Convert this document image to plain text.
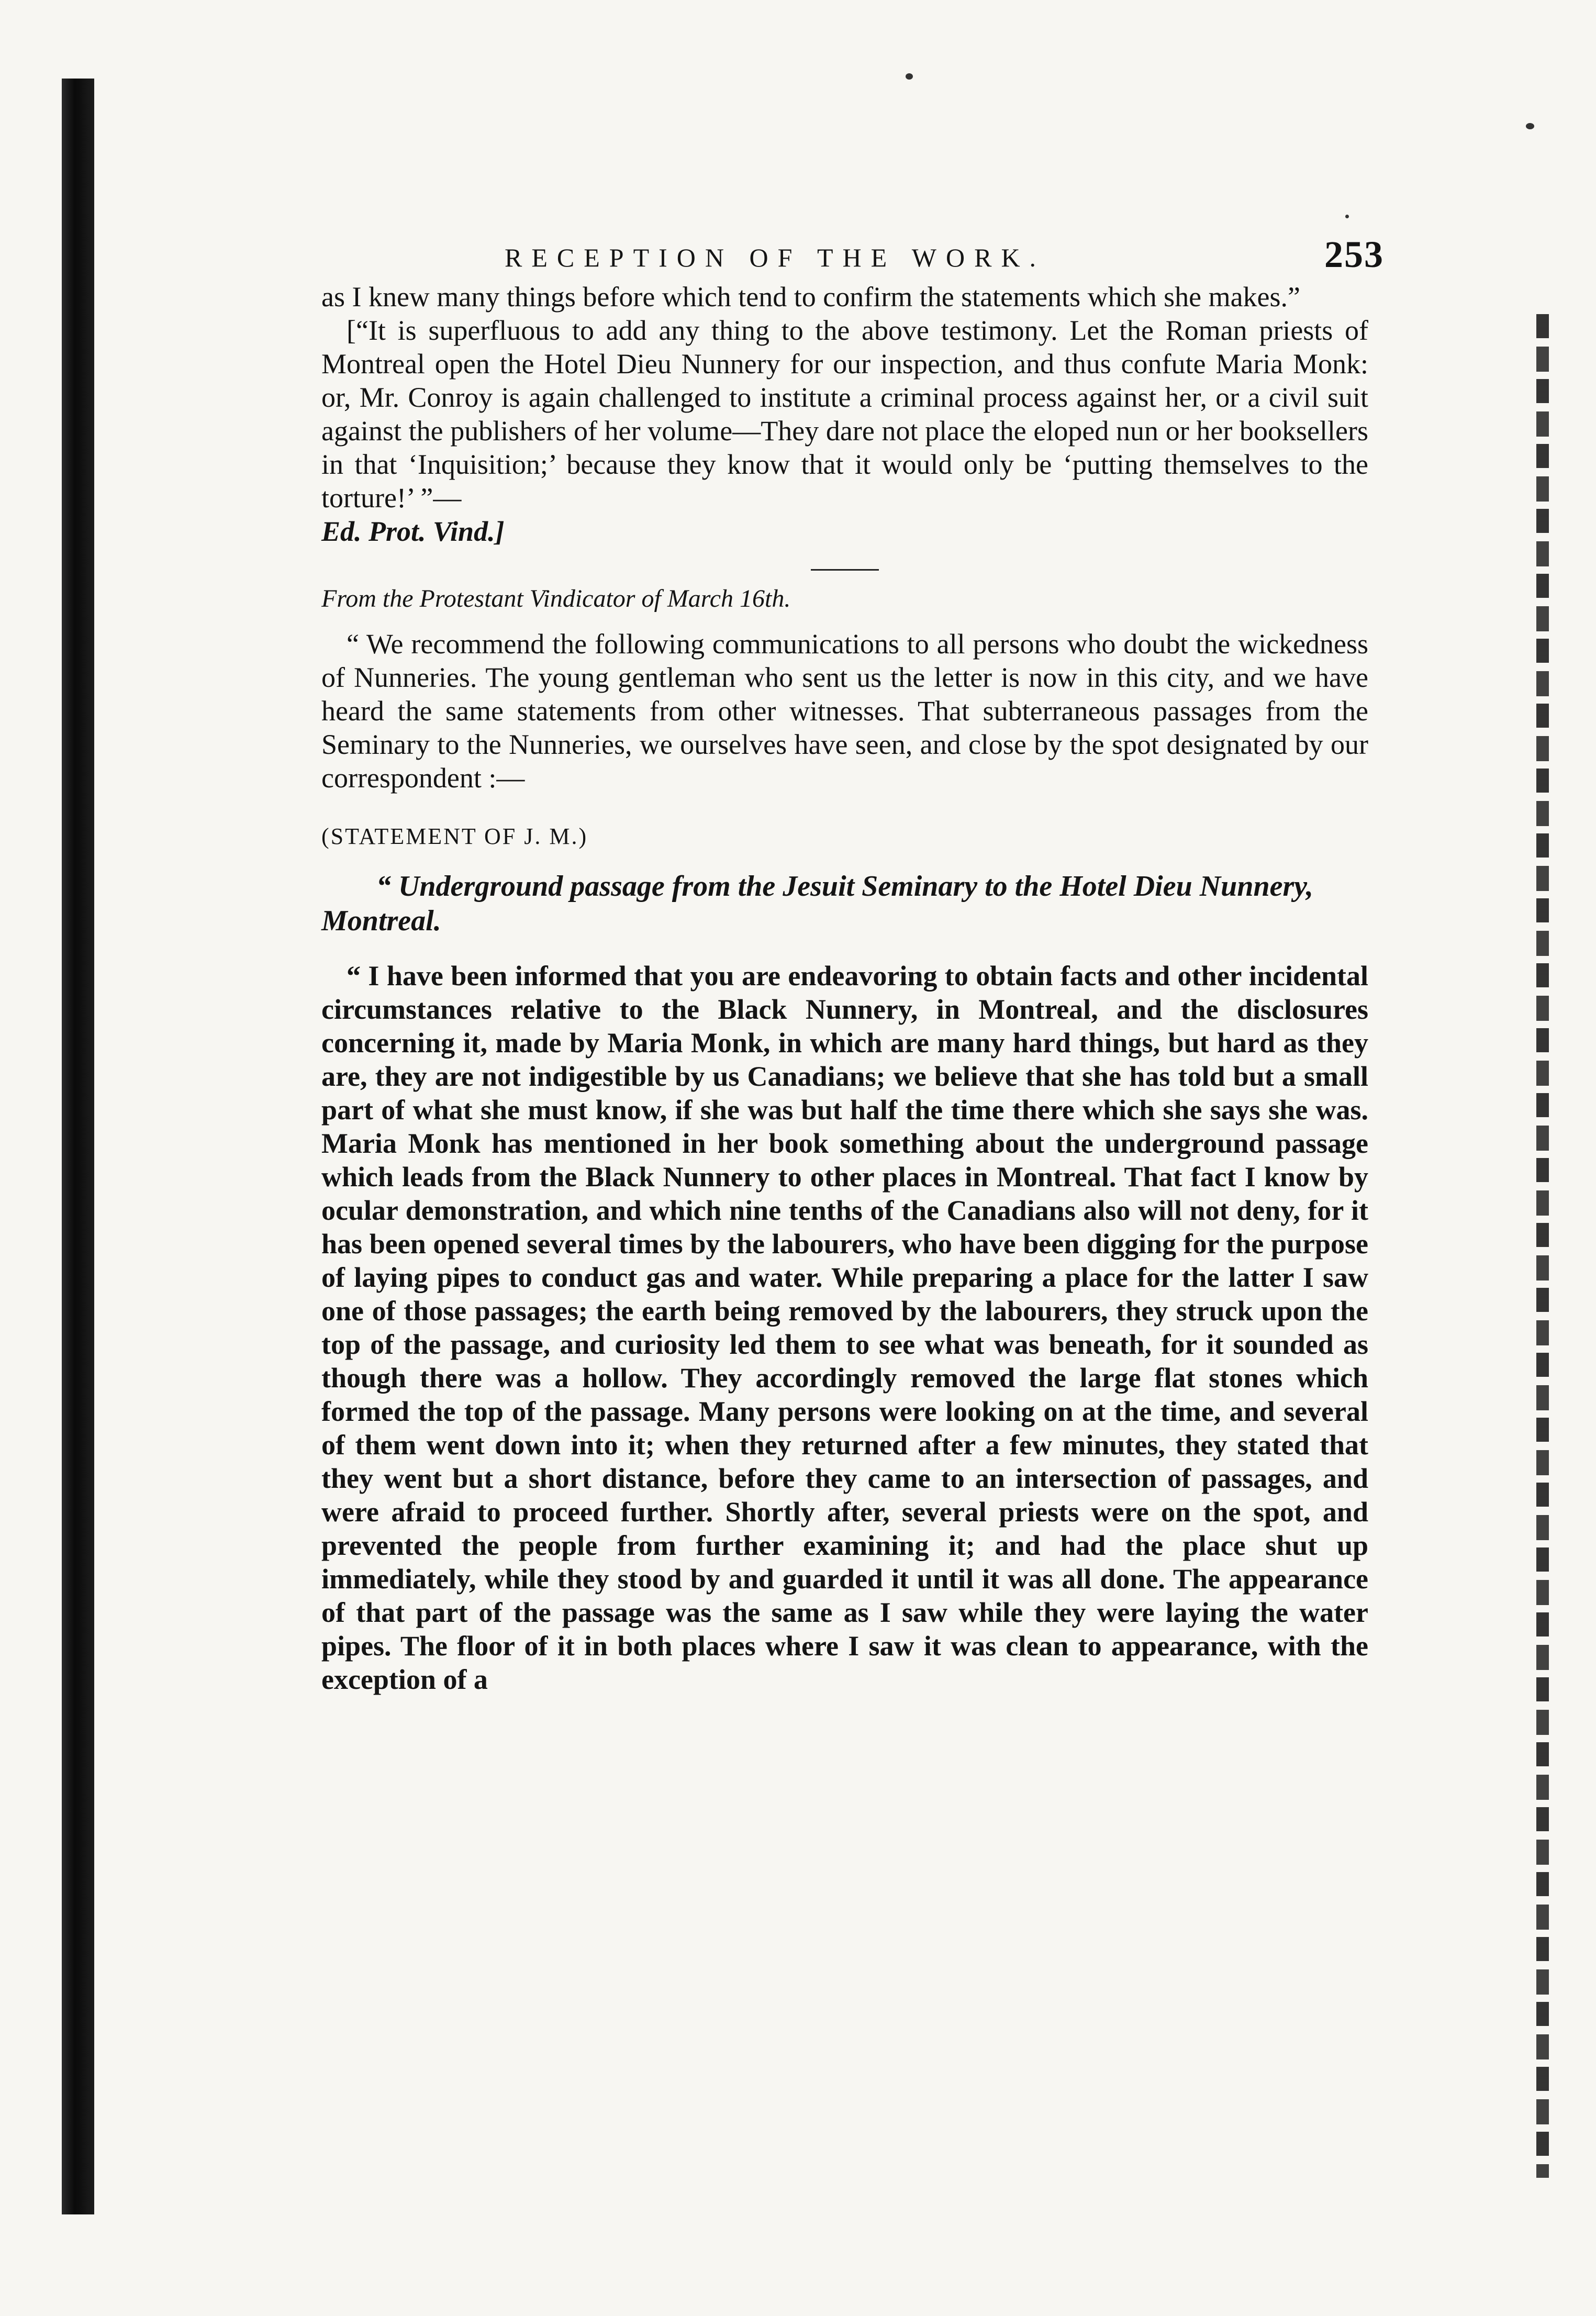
RECEPTION OF THE WORK.	253

as I knew many things before which tend to confirm the statements which she makes.”

[“It is superfluous to add any thing to the above testimony. Let the Roman priests of Montreal open the Hotel Dieu Nunnery for our inspection, and thus confute Maria Monk: or, Mr. Conroy is again challenged to institute a criminal process against her, or a civil suit against the publishers of her volume—They dare not place the eloped nun or her booksellers in that ‘Inquisition;’ because they know that it would only be ‘putting themselves to the torture!’ ”—

Ed. Prot. Vind.]

From the Protestant Vindicator of March 16th.

“ We recommend the following communications to all persons who doubt the wickedness of Nunneries. The young gentleman who sent us the letter is now in this city, and we have heard the same statements from other witnesses. That subterraneous passages from the Seminary to the Nunneries, we ourselves have seen, and close by the spot designated by our correspondent :—

(STATEMENT OF J. M.)

“ Underground passage from the Jesuit Seminary to the Hotel Dieu Nunnery, Montreal.

“ I have been informed that you are endeavoring to obtain facts and other incidental circumstances relative to the Black Nunnery, in Montreal, and the disclosures concerning it, made by Maria Monk, in which are many hard things, but hard as they are, they are not indigestible by us Canadians; we believe that she has told but a small part of what she must know, if she was but half the time there which she says she was. Maria Monk has mentioned in her book something about the underground passage which leads from the Black Nunnery to other places in Montreal. That fact I know by ocular demonstration, and which nine tenths of the Canadians also will not deny, for it has been opened several times by the labourers, who have been digging for the purpose of laying pipes to conduct gas and water. While preparing a place for the latter I saw one of those passages; the earth being removed by the labourers, they struck upon the top of the passage, and curiosity led them to see what was beneath, for it sounded as though there was a hollow. They accordingly removed the large flat stones which formed the top of the passage. Many persons were looking on at the time, and several of them went down into it; when they returned after a few minutes, they stated that they went but a short distance, before they came to an intersection of passages, and were afraid to proceed further. Shortly after, several priests were on the spot, and prevented the people from further examining it; and had the place shut up immediately, while they stood by and guarded it until it was all done. The appearance of that part of the passage was the same as I saw while they were laying the water pipes. The floor of it in both places where I saw it was clean to appearance, with the exception of a
